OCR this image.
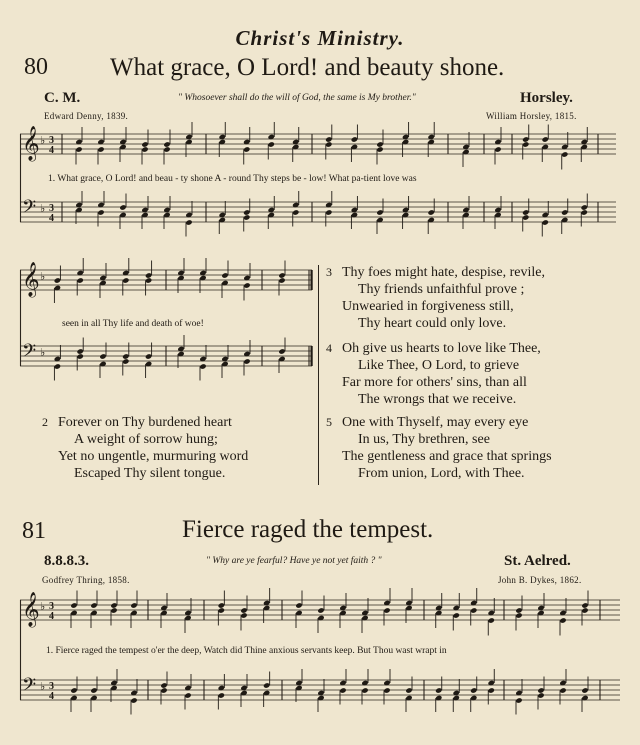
Christ's Ministry.
80 What grace, O Lord! and beauty shone.
C. M.	" Whosoever shall do the will of God, the same is My brother."	Horsley.
Edward Denny, 1839.	William Horsley, 1815.
𝄞
𝄢
♭
♭
3
4
3
4
1. What grace, O Lord! and beau - ty shone A - round Thy steps be - low! What pa-tient love was
𝄞
𝄢
♭
♭
seen in all Thy life and death of woe!
2 Forever on Thy burdened heart
A weight of sorrow hung;
Yet no ungentle, murmuring word
Escaped Thy silent tongue.
3 Thy foes might hate, despise, revile,
Thy friends unfaithful prove ;
Unwearied in forgiveness still,
Thy heart could only love.
4 Oh give us hearts to love like Thee,
Like Thee, O Lord, to grieve
Far more for others' sins, than all
The wrongs that we receive.
5 One with Thyself, may every eye
In us, Thy brethren, see
The gentleness and grace that springs
From union, Lord, with Thee.
81	Fierce raged the tempest.
8.8.8.3.	" Why are ye fearful? Have ye not yet faith ? "	St. Aelred.
Godfrey Thring, 1858.	John B. Dykes, 1862.
𝄞
𝄢
♭
♭
3
4
3
4
1. Fierce raged the tempest o'er the deep, Watch did Thine anxious servants keep. But Thou wast wrapt in
